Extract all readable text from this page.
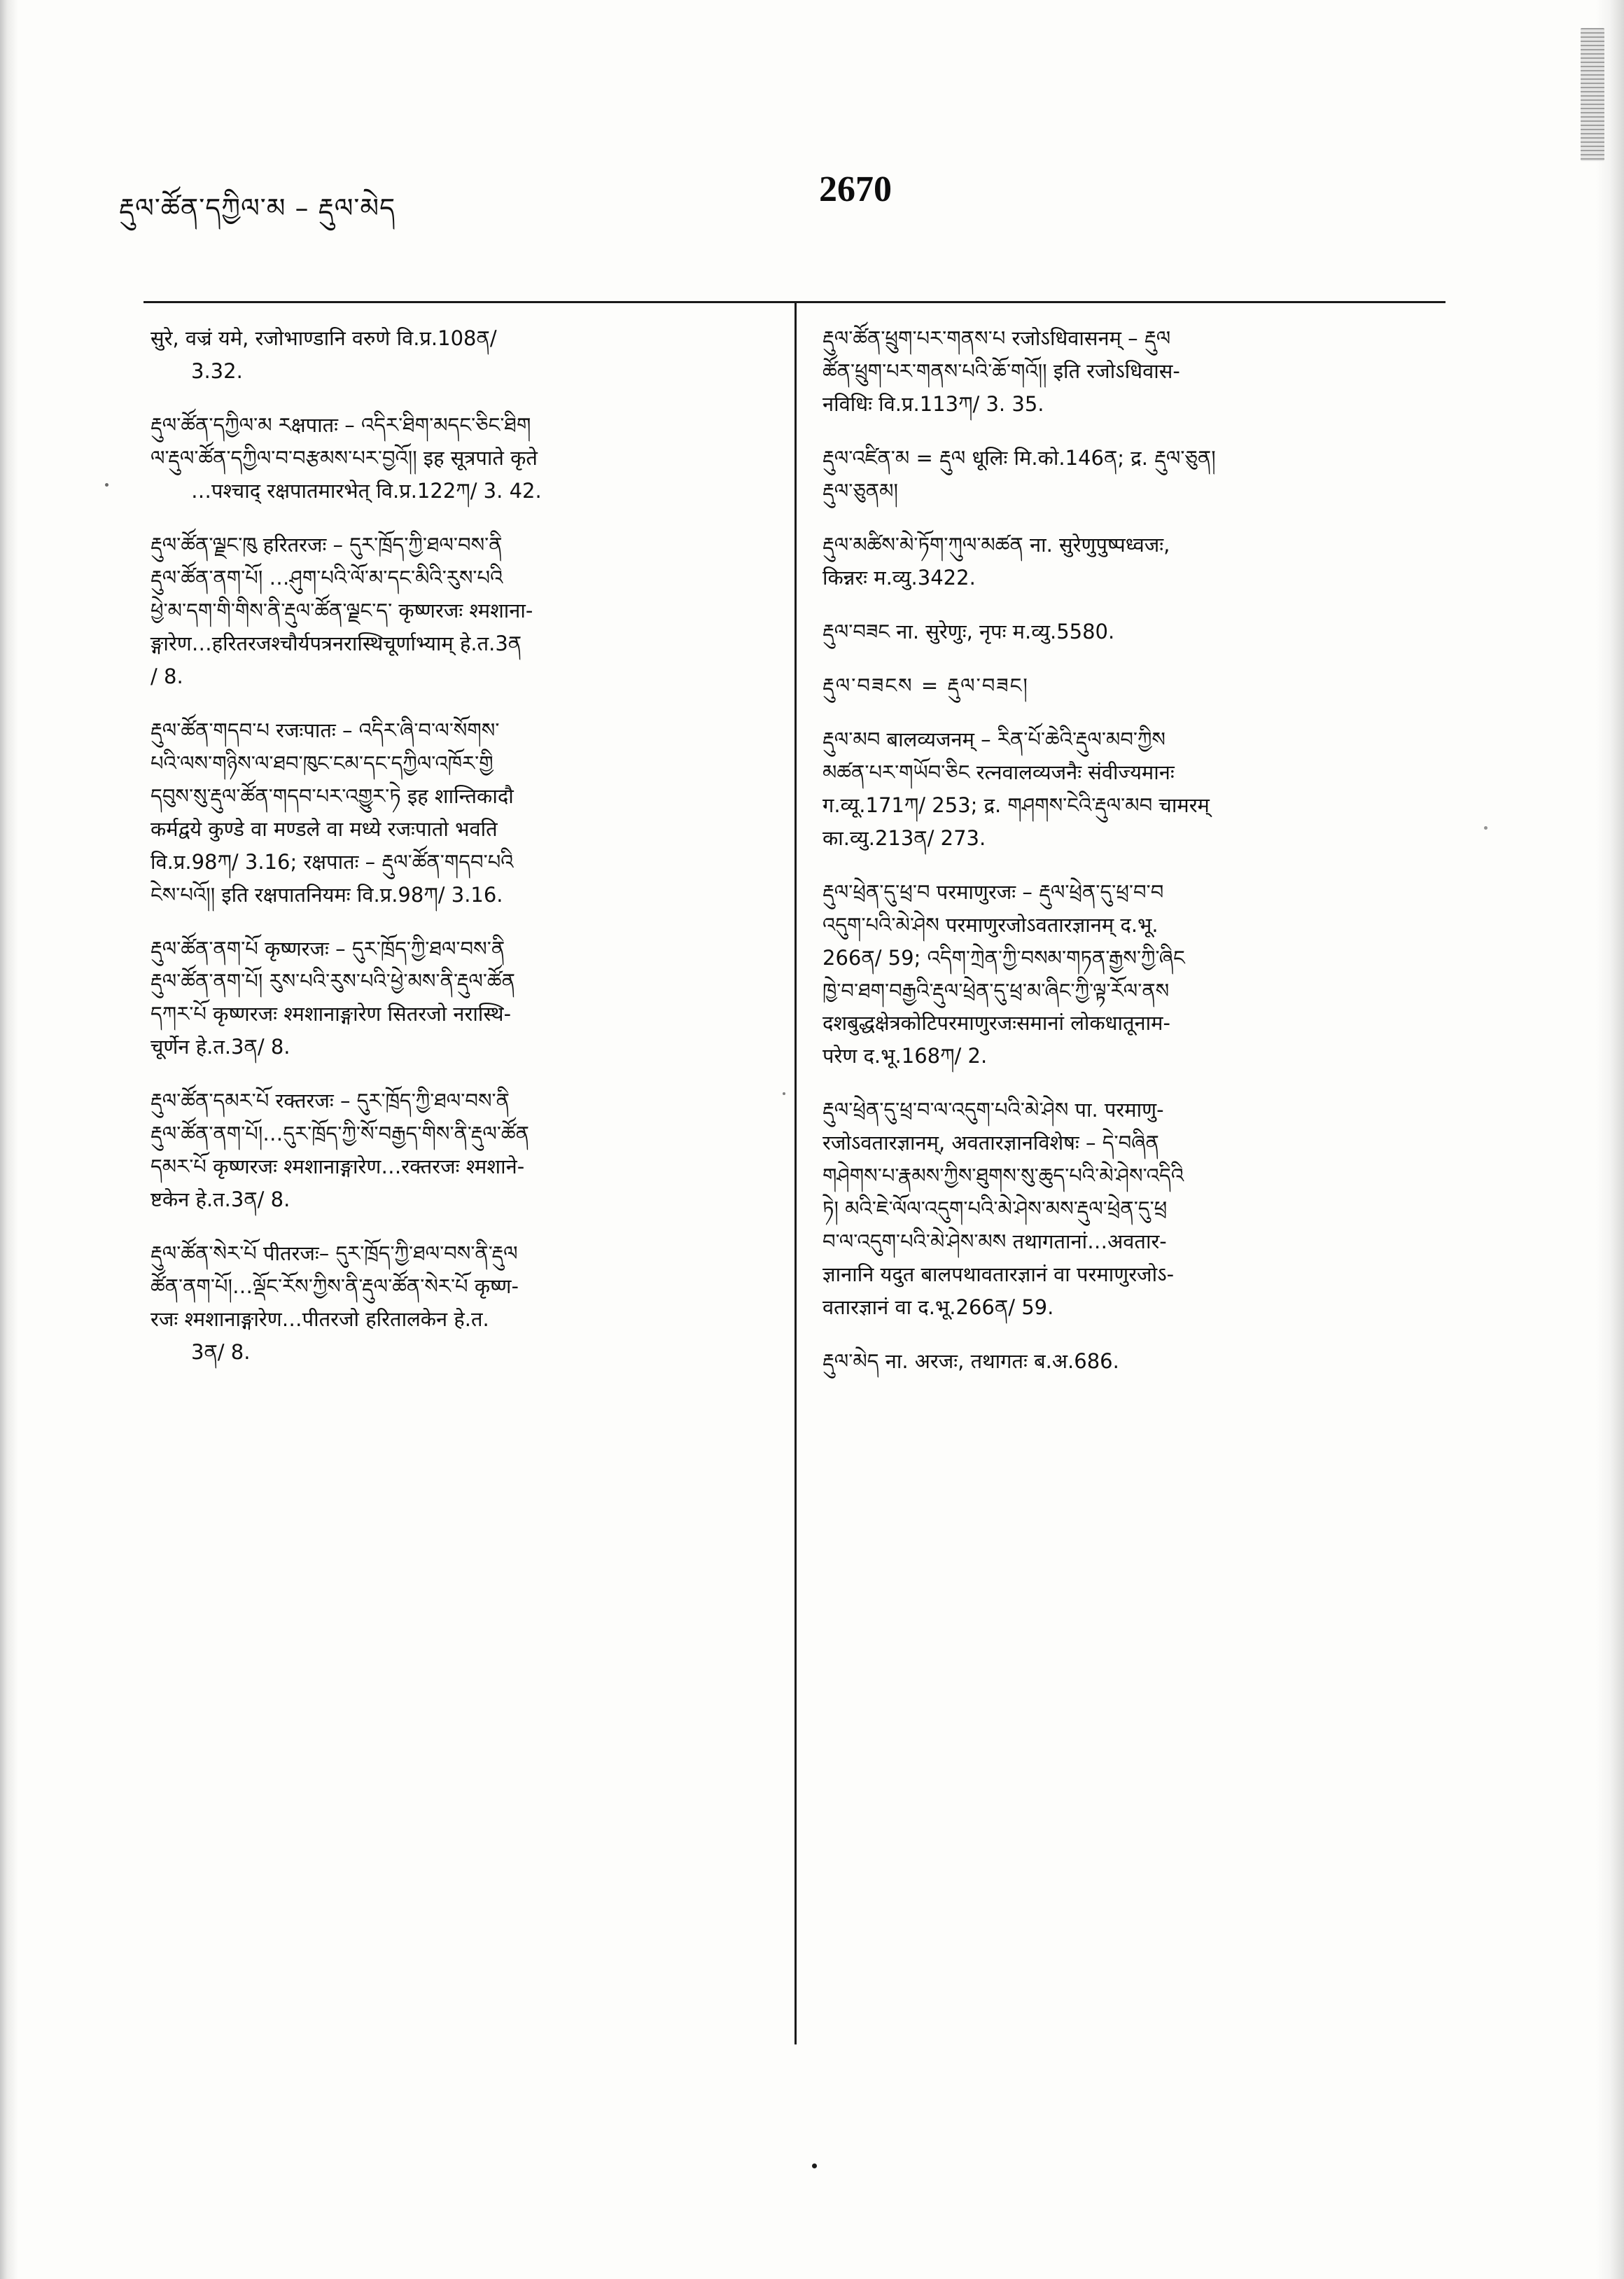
རྡུལ་ཚོན་དཀྱིལ་མ – རྡུལ་མེད	2670
सुरे, वज्रं यमे, रजोभाण्डानि वरुणे वि.प्र.108ན/

3.32.
རྡུལ་ཚོན་དཀྱིལ་མ རक्षपातः – འདིར་ཐིག་མདང་ཅིང་ཐིག
ལ་རྡུལ་ཚོན་དཀྱིལ་བ་བརྩམས་པར་བྱའོ།། इह सूत्रपाते कृते

…पश्चाद् रक्षपातमारभेत् वि.प्र.122ཀ/ 3. 42.
རྡུལ་ཚོན་ལྗང་ཁུ हरितरजः – དུར་ཁྲོད་ཀྱི་ཐལ་བས་ནི
རྡུལ་ཚོན་ནག་པོ། …ཤུག་པའི་ལོ་མ་དང་མིའི་རུས་པའི
ཕྱེ་མ་དག་གི་གིས་ནི་རྡུལ་ཚོན་ལྗང་ད་ कृष्णरजः श्मशाना-
ङ्गारेण…हरितरजश्चौर्यपत्रनरास्थिचूर्णाभ्याम् हे.त.3ན
/ 8.
རྡུལ་ཚོན་གདབ་པ रजःपातः – འདིར་ཞི་བ་ལ་སོགས་
པའི་ལས་གཉིས་ལ་ཐབ་ཁུང་ངམ་དང་དཀྱིལ་འཁོར་གྱི
དབུས་སུ་རྡུལ་ཚོན་གདབ་པར་འགྱུར་ཏེ इह शान्तिकादौ
कर्मद्वये कुण्डे वा मण्डले वा मध्ये रजःपातो भवति
वि.प्र.98ཀ/ 3.16; रक्षपातः – རྡུལ་ཚོན་གདབ་པའི
ངེས་པའོ།། इति रक्षपातनियमः वि.प्र.98ཀ/ 3.16.
རྡུལ་ཚོན་ནག་པོ कृष्णरजः – དུར་ཁྲོད་ཀྱི་ཐལ་བས་ནི
རྡུལ་ཚོན་ནག་པོ། རུས་པའི་རུས་པའི་ཕྱེ་མས་ནི་རྡུལ་ཚོན
དཀར་པོ कृष्णरजः श्मशानाङ्गारेण सितरजो नरास्थि-
चूर्णेन हे.त.3ན/ 8.
རྡུལ་ཚོན་དམར་པོ रक्तरजः – དུར་ཁྲོད་ཀྱི་ཐལ་བས་ནི
རྡུལ་ཚོན་ནག་པོ།…དུར་ཁྲོད་ཀྱི་སོ་བརྒྱད་གིས་ནི་རྡུལ་ཚོན
དམར་པོ कृष्णरजः श्मशानाङ्गारेण…रक्तरजः श्मशाने-
ष्टकेन हे.त.3ན/ 8.
རྡུལ་ཚོན་སེར་པོ पीतरजः– དུར་ཁྲོད་ཀྱི་ཐལ་བས་ནི་རྡུལ
ཚོན་ནག་པོ།…ལྡོང་རོས་ཀྱིས་ནི་རྡུལ་ཚོན་སེར་པོ कृष्ण-
रजः श्मशानाङ्गारेण…पीतरजो हरितालकेन हे.त.

3ན/ 8.
རྡུལ་ཚོན་ཕྲུག་པར་གནས་པ रजोऽधिवासनम् – རྡུལ
ཚོན་ཕྲུག་པར་གནས་པའི་ཆོ་གའོ།། इति रजोऽधिवास-
नविधिः वि.प्र.113ཀ/ 3. 35.
རྡུལ་འཛིན་མ = རྡུལ धूलिः मि.को.146ན; द्र. རྡུལ་ཅུན།
རྡུལ་ཅུནམ།
རྡུལ་མཚིས་མེ་ཏོག་ཀུལ་མཚན ना. सुरेणुपुष्पध्वजः,
किन्नरः म.व्यु.3422.
རྡུལ་བཟང ना. सुरेणुः, नृपः म.व्यु.5580.
རྡུལ་བཟངས = རྡུལ་བཟང།
རྡུལ་མབ बालव्यजनम् – རིན་པོ་ཆེའི་རྡུལ་མབ་ཀྱིས
མཚན་པར་གཡོབ་ཅིང रत्नवालव्यजनैः संवीज्यमानः
ग.व्यू.171ཀ/ 253; द्र. གཤགས་ངེའི་རྡུལ་མབ चामरम्
का.व्यु.213ན/ 273.
རྡུལ་ཕྲེན་དུ་ཕྲ་བ परमाणुरजः – རྡུལ་ཕྲེན་དུ་ཕྲ་བ་བ
འདུག་པའི་མེ་ཤེས परमाणुरजोऽवतारज्ञानम् द.भू.
266ན/ 59; འདིག་ཀྲེན་ཀྱི་བསམ་གཏན་རྒྱས་ཀྱི་ཞིང
ཁྱེ་བ་ཐག་བརྒྱའི་རྡུལ་ཕྲེན་དུ་ཕྲ་མ་ཞིང་ཀྱི་ལྟ་རོལ་ནས
दशबुद्धक्षेत्रकोटिपरमाणुरजःसमानां लोकधातूनाम-
परेण द.भू.168ཀ/ 2.
རྡུལ་ཕྲེན་དུ་ཕྲ་བ་ལ་འདུག་པའི་མེ་ཤེས पा. परमाणु-
रजोऽवतारज्ञानम्, अवतारज्ञानविशेषः – དེ་བཞིན
གཤེགས་པ་རྣམས་ཀྱིས་ཐུགས་སུ་ཆུད་པའི་མེ་ཤེས་འདིའི
ཏེ། མའི་ཇེ་ལོལ་འདུག་པའི་མེ་ཤེས་མས་རྡུལ་ཕྲེན་དུ་ཕྲ
བ་ལ་འདུག་པའི་མེ་ཤེས་མས तथागतानां…अवतार-
ज्ञानानि यदुत बालपथावतारज्ञानं वा परमाणुरजोऽ-
वतारज्ञानं वा द.भू.266ན/ 59.
རྡུལ་མེད ना. अरजः, तथागतः ब.अ.686.
